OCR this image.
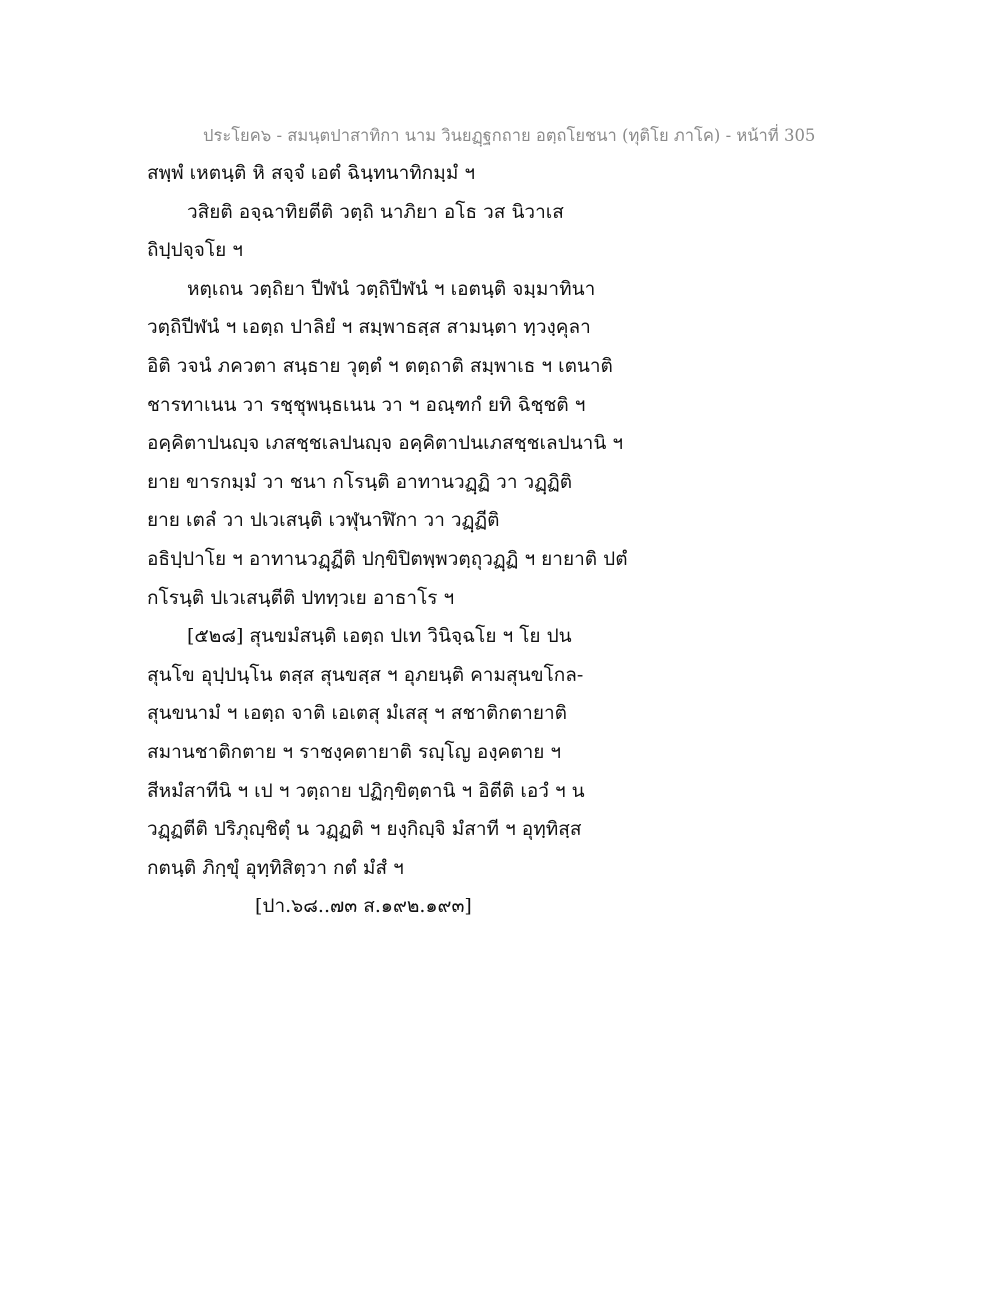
ประโยค๖ - สมนฺตปาสาทิกา นาม วินยฏฺฐกถาย อตฺถโยชนา (ทุติโย ภาโค) - หน้าที่ 305
สพฺพํ เหตนฺติ หิ สจฺจํ เอตํ ฉินฺทนาทิกมฺมํ ฯ
วสิยติ อจฺฉาทิยตีติ วตฺถิ นาภิยา อโธ วส นิวาเส
ถิปฺปจฺจโย ฯ
หตฺเถน วตฺถิยา ปีฬนํ วตฺถิปีฬนํ ฯ เอตนฺติ จมฺมาทินา
วตฺถิปีฬนํ ฯ เอตฺถ ปาลิยํ ฯ สมฺพาธสฺส สามนฺตา ทฺวงฺคุลา
อิติ วจนํ ภควตา สนฺธาย วุตฺตํ ฯ ตตฺถาติ สมฺพาเธ ฯ เตนาติ
ชารทาเนน วา รชฺชุพนฺธเนน วา ฯ อณฺฑกํ ยทิ ฉิชฺชติ ฯ
อคฺคิตาปนญฺจ เภสชฺชเลปนญฺจ อคฺคิตาปนเภสชฺชเลปนานิ ฯ
ยาย ขารกมฺมํ วา ชนา กโรนฺติ อาทานวฏฺฏิ วา วฏฺฏิติ
ยาย เตลํ วา ปเวเสนฺติ เวฬุนาฬิกา วา วฏฺฏีติ
อธิปฺปาโย ฯ อาทานวฏฺฏีติ ปกฺขิปิตพฺพวตฺถุวฏฺฏิ ฯ ยายาติ ปตํ
กโรนฺติ ปเวเสนฺตีติ ปททฺวเย อาธาโร ฯ
[๕๒๘] สุนขมํสนฺติ เอตฺถ ปเท วินิจฺฉโย ฯ โย ปน
สุนโข อุปฺปนฺโน ตสฺส สุนขสฺส ฯ อุภยนฺติ คามสุนขโกล-
สุนขนามํ ฯ เอตฺถ จาติ เอเตสุ มํเสสุ ฯ สชาติกตายาติ
สมานชาติกตาย ฯ ราชงฺคตายาติ รญฺโญ องฺคตาย ฯ
สีหมํสาทีนิ ฯ เป ฯ วตฺถาย ปฏิกฺขิตฺตานิ ฯ อิตีติ เอวํ ฯ น
วฏฺฏตีติ ปริภุญฺชิตุํ น วฏฺฏติ ฯ ยงฺกิญฺจิ มํสาที ฯ อุทฺทิสฺส
กตนฺติ ภิกฺขุํ อุทฺทิสิตฺวา กตํ มํสํ ฯ
[ปา.๖๘..๗๓ ส.๑๙๒.๑๙๓]
